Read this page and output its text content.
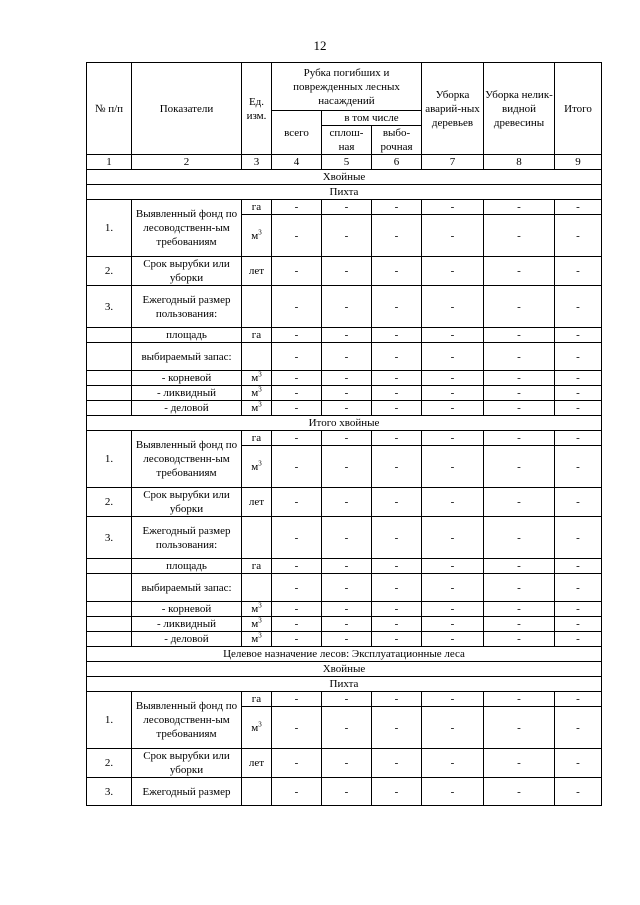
12
№ п/п	Показатели	Ед. изм.	Рубка погибших и поврежденных лесных насаждений			Уборка аварий-ных деревьев	Уборка нелик-видной древесины	Итого
			всего	в том числе				
				сплош-ная	выбо-рочная			
1	2	3	4	5	6	7	8	9
Хвойные								
Пихта								
1.	Выявленный фонд по лесоводственн-ым требованиям	га	-	-	-	-	-	-
		$м^3$	-	-	-	-	-	-
2.	Срок вырубки или уборки	лет	-	-	-	-	-	-
3.	Ежегодный размер пользования:		-	-	-	-	-	-
	площадь	га	-	-	-	-	-	-
	выбираемый запас:		-	-	-	-	-	-
	- корневой	$м^3$	-	-	-	-	-	-
	- ликвидный	$м^3$	-	-	-	-	-	-
	- деловой	$м^3$	-	-	-	-	-	-
Итого хвойные								
1.	Выявленный фонд по лесоводственн-ым требованиям	га	-	-	-	-	-	-
		$м^3$	-	-	-	-	-	-
2.	Срок вырубки или уборки	лет	-	-	-	-	-	-
3.	Ежегодный размер пользования:		-	-	-	-	-	-
	площадь	га	-	-	-	-	-	-
	выбираемый запас:		-	-	-	-	-	-
	- корневой	$м^3$	-	-	-	-	-	-
	- ликвидный	$м^3$	-	-	-	-	-	-
	- деловой	$м^3$	-	-	-	-	-	-
Целевое назначение лесов: Эксплуатационные леса								
Хвойные								
Пихта								
1.	Выявленный фонд по лесоводственн-ым требованиям	га	-	-	-	-	-	-
		$м^3$	-	-	-	-	-	-
2.	Срок вырубки или уборки	лет	-	-	-	-	-	-
3.	Ежегодный размер		-	-	-	-	-	-
